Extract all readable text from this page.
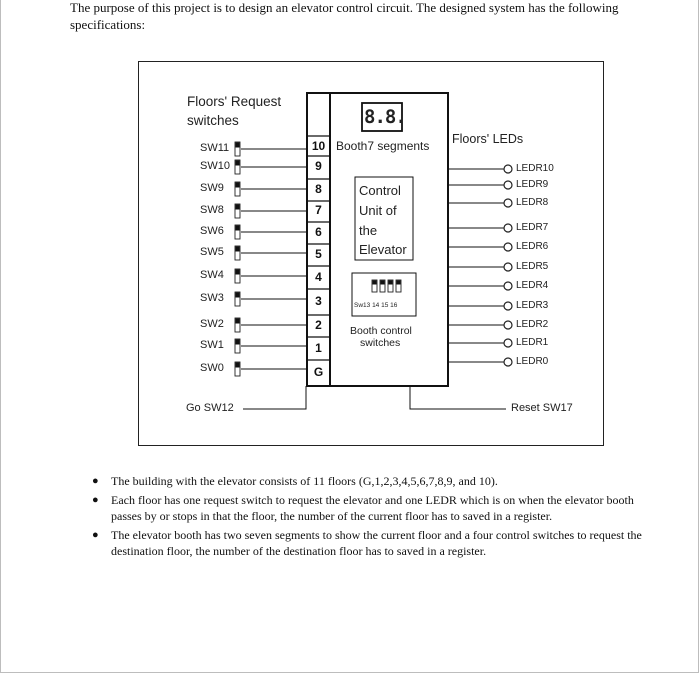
The purpose of this project is to design an elevator control circuit. The designed system has the following specifications:

Floors' Request
switches
SW11
SW10
SW9
SW8
SW6
SW5
SW4
SW3
SW2
SW1
SW0
10
9
8
7
6
5
4
3
2
1
G
8.8.
Booth7 segments
Control
Unit of
the
Elevator
Sw13 14 15 16
Booth control
switches
Floors' LEDs
LEDR10
LEDR9
LEDR8
LEDR7
LEDR6
LEDR5
LEDR4
LEDR3
LEDR2
LEDR1
LEDR0
Go SW12	Reset SW17
● The building with the elevator consists of 11 floors (G,1,2,3,4,5,6,7,8,9, and 10).
● Each floor has one request switch to request the elevator and one LEDR which is on when the elevator booth passes by or stops in that the floor, the number of the current floor has to saved in a register.
● The elevator booth has two seven segments to show the current floor and a four control switches to request the destination floor, the number of the destination floor has to saved in a register.
